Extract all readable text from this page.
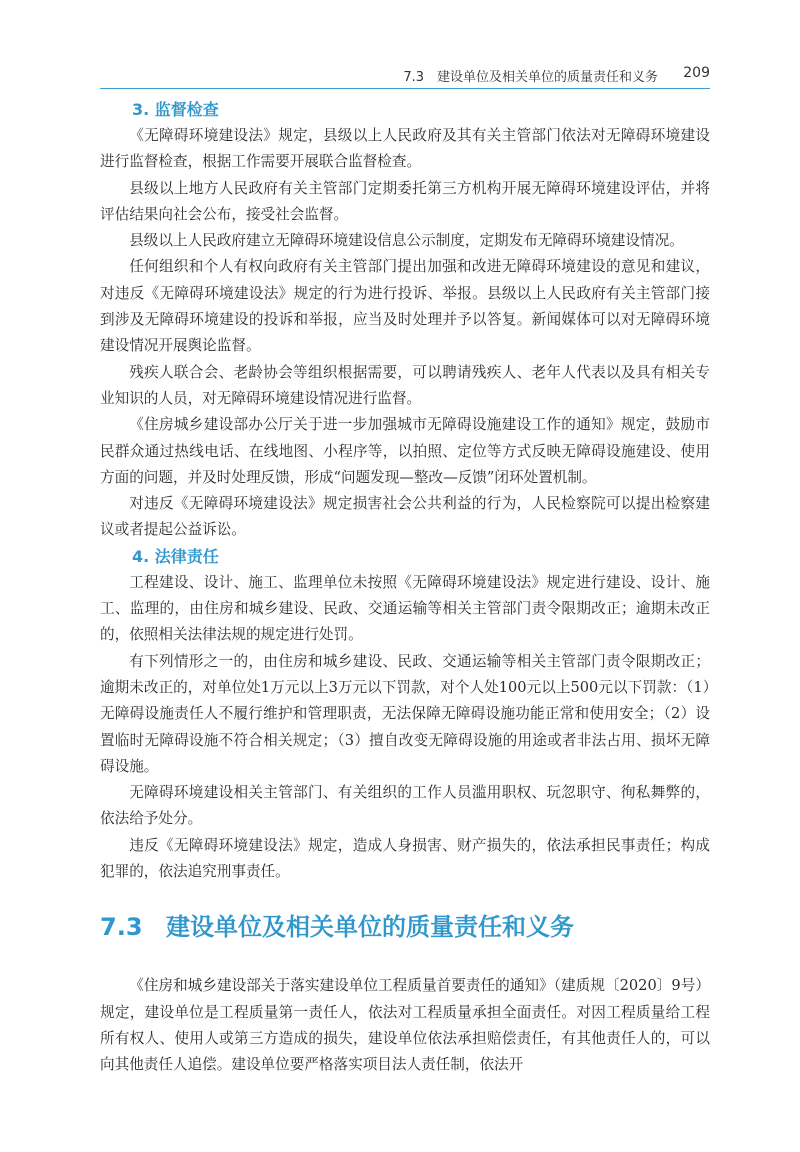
7.3　建设单位及相关单位的质量责任和义务 209
3. 监督检查

《无障碍环境建设法》规定，县级以上人民政府及其有关主管部门依法对无障碍环境建设进行监督检查，根据工作需要开展联合监督检查。

县级以上地方人民政府有关主管部门定期委托第三方机构开展无障碍环境建设评估，并将评估结果向社会公布，接受社会监督。

县级以上人民政府建立无障碍环境建设信息公示制度，定期发布无障碍环境建设情况。

任何组织和个人有权向政府有关主管部门提出加强和改进无障碍环境建设的意见和建议，对违反《无障碍环境建设法》规定的行为进行投诉、举报。县级以上人民政府有关主管部门接到涉及无障碍环境建设的投诉和举报，应当及时处理并予以答复。新闻媒体可以对无障碍环境建设情况开展舆论监督。

残疾人联合会、老龄协会等组织根据需要，可以聘请残疾人、老年人代表以及具有相关专业知识的人员，对无障碍环境建设情况进行监督。

《住房城乡建设部办公厅关于进一步加强城市无障碍设施建设工作的通知》规定，鼓励市民群众通过热线电话、在线地图、小程序等，以拍照、定位等方式反映无障碍设施建设、使用方面的问题，并及时处理反馈，形成“问题发现—整改—反馈”闭环处置机制。

对违反《无障碍环境建设法》规定损害社会公共利益的行为，人民检察院可以提出检察建议或者提起公益诉讼。

4. 法律责任

工程建设、设计、施工、监理单位未按照《无障碍环境建设法》规定进行建设、设计、施工、监理的，由住房和城乡建设、民政、交通运输等相关主管部门责令限期改正；逾期未改正的，依照相关法律法规的规定进行处罚。

有下列情形之一的，由住房和城乡建设、民政、交通运输等相关主管部门责令限期改正；逾期未改正的，对单位处1万元以上3万元以下罚款，对个人处100元以上500元以下罚款：（1）无障碍设施责任人不履行维护和管理职责，无法保障无障碍设施功能正常和使用安全；（2）设置临时无障碍设施不符合相关规定；（3）擅自改变无障碍设施的用途或者非法占用、损坏无障碍设施。

无障碍环境建设相关主管部门、有关组织的工作人员滥用职权、玩忽职守、徇私舞弊的，依法给予处分。

违反《无障碍环境建设法》规定，造成人身损害、财产损失的，依法承担民事责任；构成犯罪的，依法追究刑事责任。

7.3 建设单位及相关单位的质量责任和义务

《住房和城乡建设部关于落实建设单位工程质量首要责任的通知》（建质规〔2020〕9号）规定，建设单位是工程质量第一责任人，依法对工程质量承担全面责任。对因工程质量给工程所有权人、使用人或第三方造成的损失，建设单位依法承担赔偿责任，有其他责任人的，可以向其他责任人追偿。建设单位要严格落实项目法人责任制，依法开
